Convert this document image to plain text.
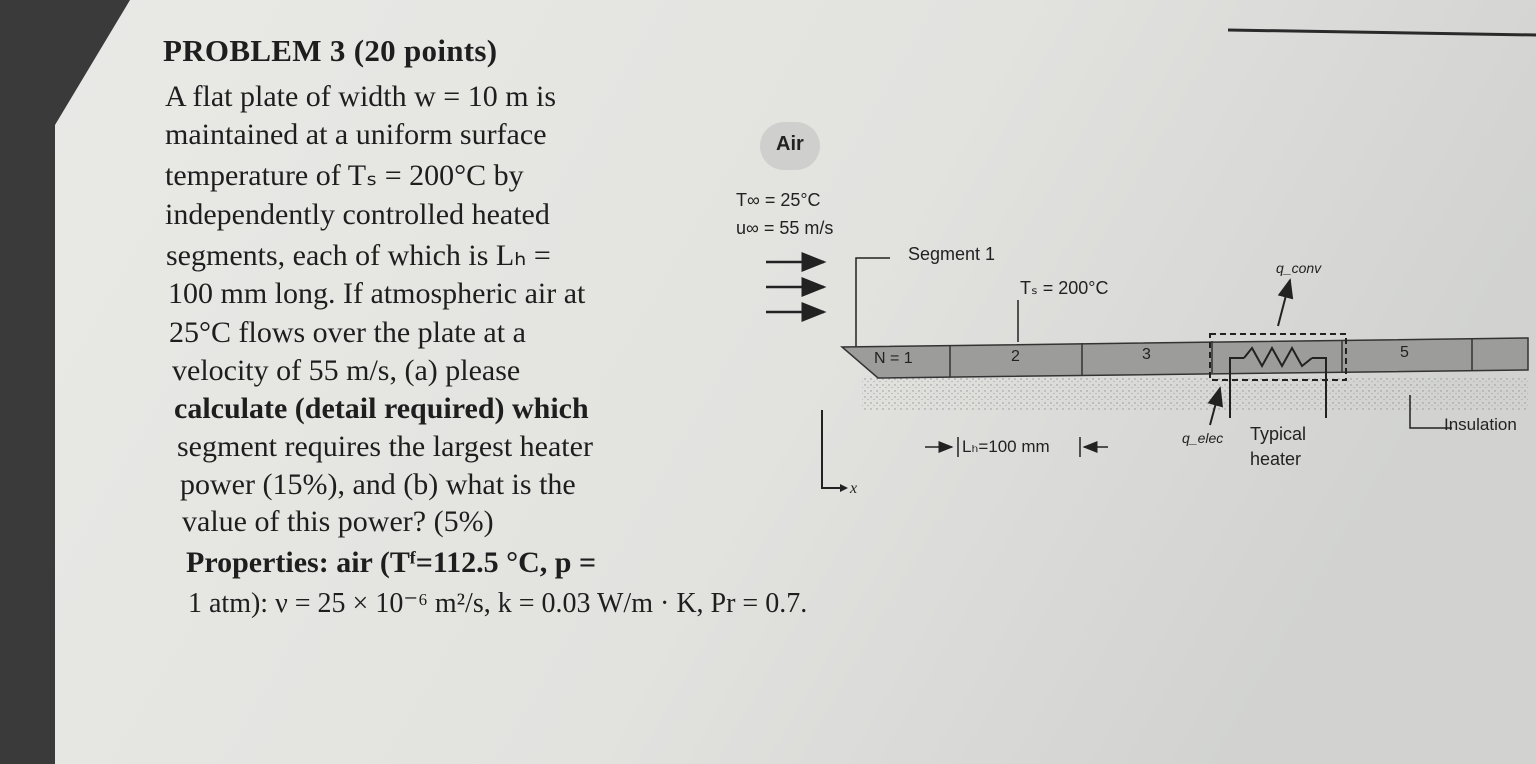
PROBLEM 3 (20 points)
A flat plate of width w = 10 m is
maintained at a uniform surface
temperature of Tₛ = 200°C by
independently controlled heated
segments, each of which is Lₕ =
100 mm long. If atmospheric air at
25°C flows over the plate at a
velocity of 55 m/s, (a) please
calculate (detail required) which
segment requires the largest heater
power (15%), and (b) what is the
value of this power? (5%)
Properties: air (Tᶠ=112.5 °C, p =
1 atm): ν = 25 × 10⁻⁶ m²/s, k = 0.03 W/m · K, Pr = 0.7.
Air
T∞ = 25°C
u∞ = 55 m/s
Segment 1
Tₛ = 200°C
q_conv
N = 1	2	3	5
Lₕ=100 mm	q_elec Typical
heater
Insulation
x
